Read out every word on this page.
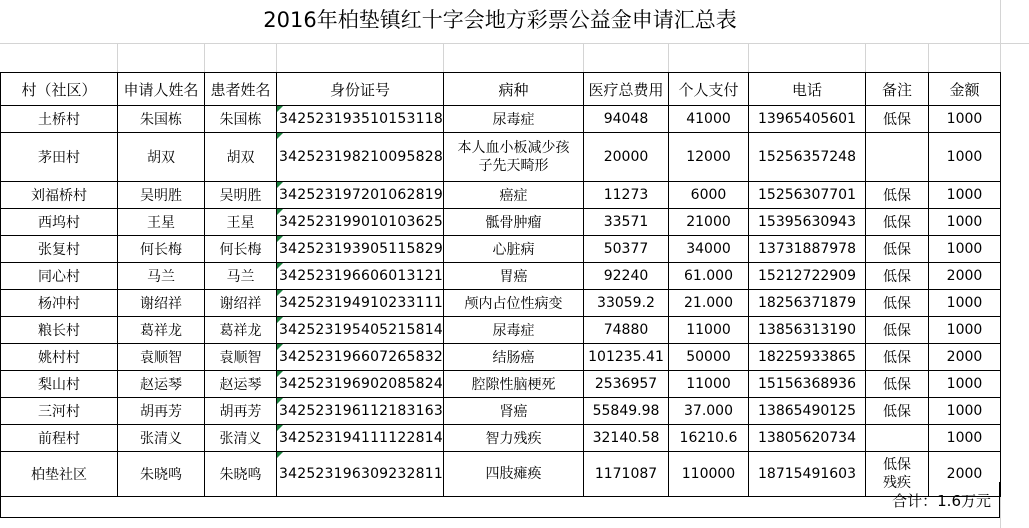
2016年柏垫镇红十字会地方彩票公益金申请汇总表
村（社区）	申请人姓名	患者姓名	身份证号	病种	医疗总费用	个人支付	电话	备注	金额
土桥村	朱国栋	朱国栋	342523193510153118	尿毒症	94048	41000	13965405601	低保	1000
茅田村	胡双	胡双	342523198210095828	本人血小板减少孩子先天畸形	20000	12000	15256357248		1000
刘福桥村	吴明胜	吴明胜	342523197201062819	癌症	11273	6000	15256307701	低保	1000
西坞村	王星	王星	342523199010103625	骶骨肿瘤	33571	21000	15395630943	低保	1000
张复村	何长梅	何长梅	342523193905115829	心脏病	50377	34000	13731887978	低保	1000
同心村	马兰	马兰	342523196606013121	胃癌	92240	61.000	15212722909	低保	2000
杨冲村	谢绍祥	谢绍祥	342523194910233111	颅内占位性病变	33059.2	21.000	18256371879	低保	1000
粮长村	葛祥龙	葛祥龙	342523195405215814	尿毒症	74880	11000	13856313190	低保	1000
姚村村	袁顺智	袁顺智	342523196607265832	结肠癌	101235.41	50000	18225933865	低保	2000
梨山村	赵运琴	赵运琴	342523196902085824	腔隙性脑梗死	2536957	11000	15156368936	低保	1000
三河村	胡再芳	胡再芳	342523196112183163	肾癌	55849.98	37.000	13865490125	低保	1000
前程村	张清义	张清义	342523194111122814	智力残疾	32140.58	16210.6	13805620734		1000
柏垫社区	朱晓鸣	朱晓鸣	342523196309232811	四肢瘫痪	1171087	110000	18715491603	低保残疾	2000
合计：1.6万元
